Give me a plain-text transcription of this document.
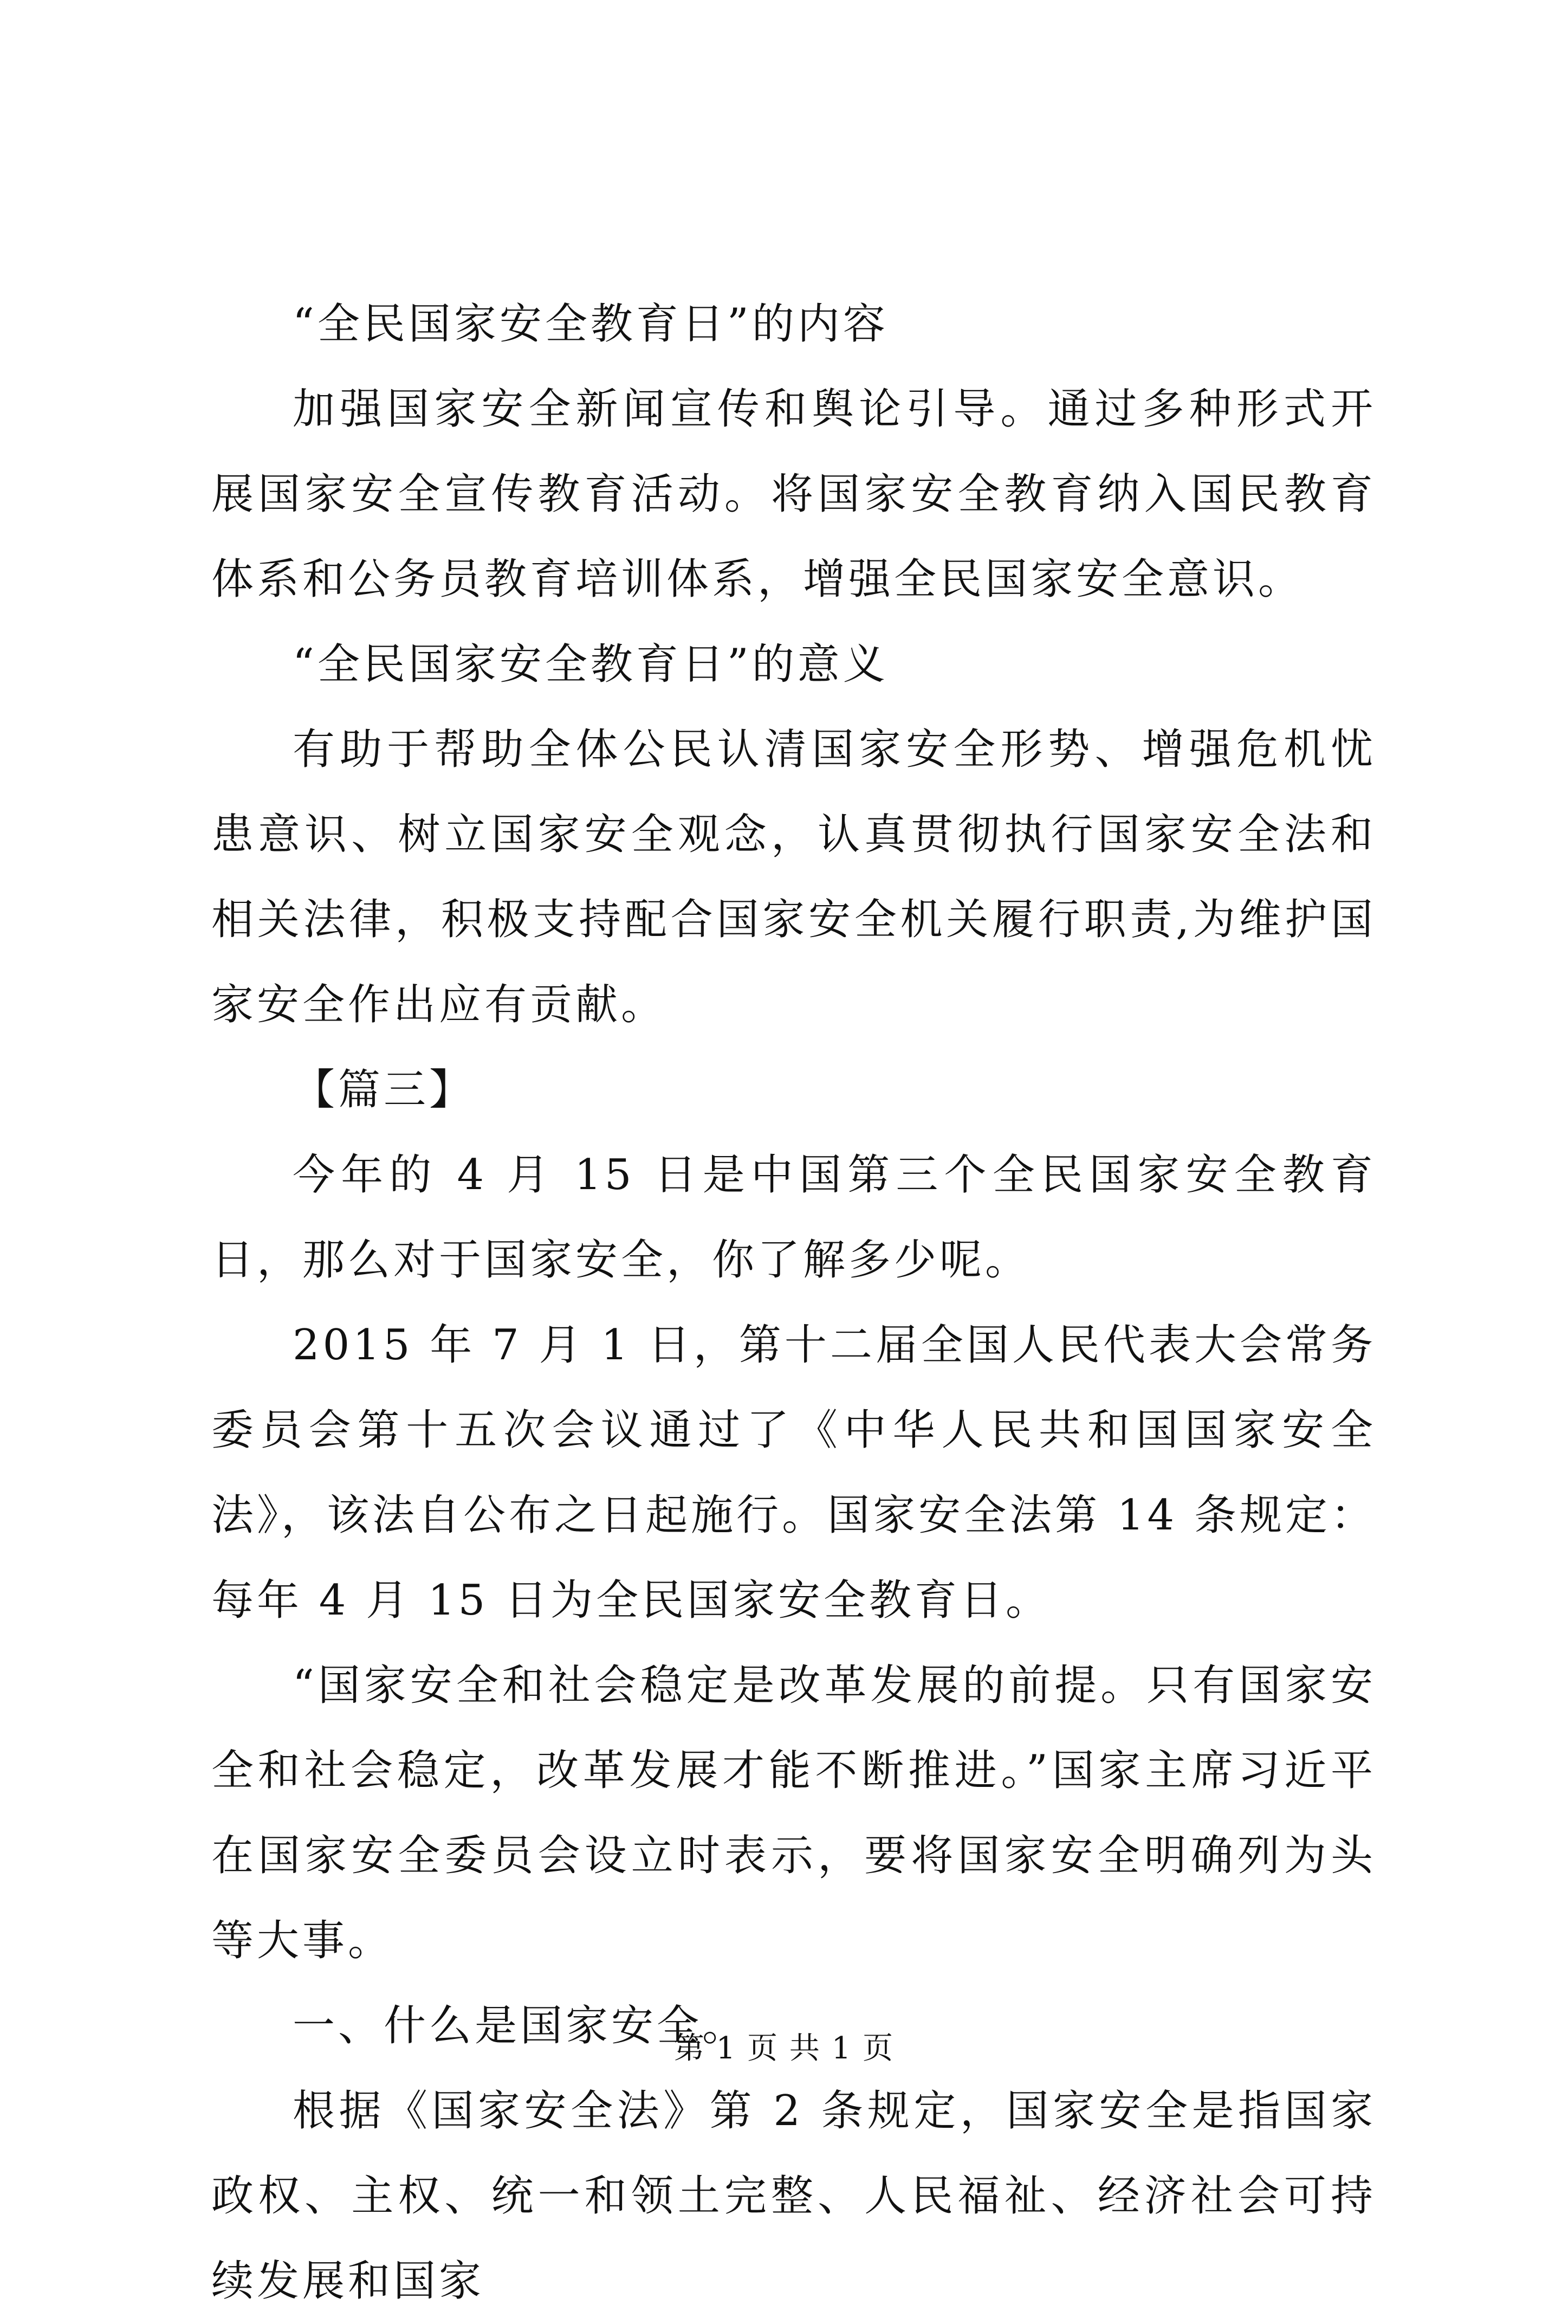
“全民国家安全教育日”的内容

加强国家安全新闻宣传和舆论引导。通过多种形式开展国家安全宣传教育活动。将国家安全教育纳入国民教育体系和公务员教育培训体系，增强全民国家安全意识。

“全民国家安全教育日”的意义

有助于帮助全体公民认清国家安全形势、增强危机忧患意识、树立国家安全观念，认真贯彻执行国家安全法和相关法律，积极支持配合国家安全机关履行职责,为维护国家安全作出应有贡献。

【篇三】

今年的 4 月 15 日是中国第三个全民国家安全教育日，那么对于国家安全，你了解多少呢。

2015 年 7 月 1 日，第十二届全国人民代表大会常务委员会第十五次会议通过了《中华人民共和国国家安全法》，该法自公布之日起施行。国家安全法第 14 条规定：每年 4 月 15 日为全民国家安全教育日。

“国家安全和社会稳定是改革发展的前提。只有国家安全和社会稳定，改革发展才能不断推进。”国家主席习近平在国家安全委员会设立时表示，要将国家安全明确列为头等大事。

一、什么是国家安全。

根据《国家安全法》第 2 条规定，国家安全是指国家政权、主权、统一和领土完整、人民福祉、经济社会可持续发展和国家

第 1 页 共 1 页
